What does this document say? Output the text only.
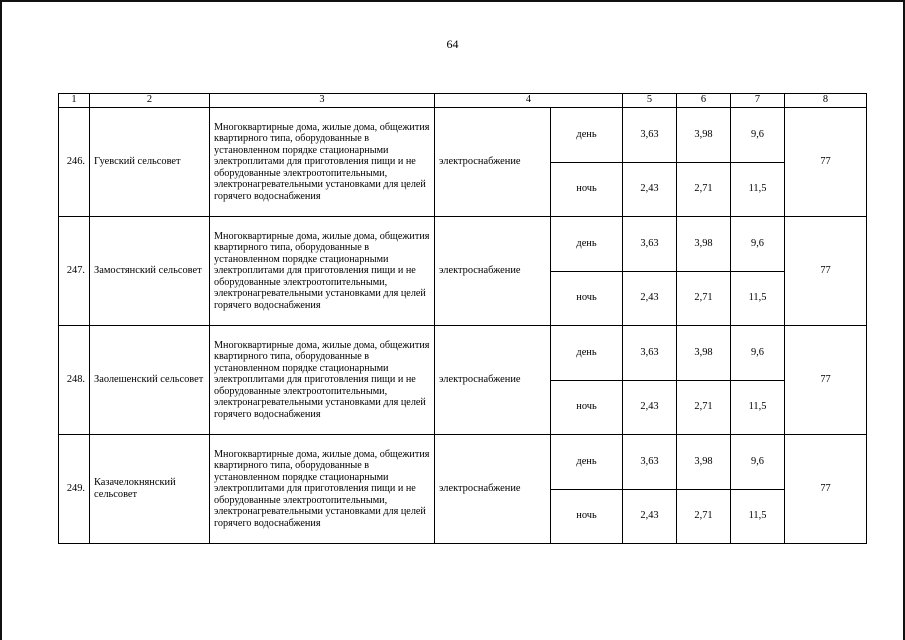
64
1	2	3	4		5	6	7	8
246.	Гуевский сельсовет	Многоквартирные дома, жилые дома, общежития квартирного типа, оборудованные в установленном порядке стационарными электроплитами для приготовления пищи и не оборудованные электроотопительными, электронагревательными установками для целей горячего водоснабжения	электроснабжение	день	3,63	3,98	9,6	77
				ночь	2,43	2,71	11,5	
247.	Замостянский сельсовет	Многоквартирные дома, жилые дома, общежития квартирного типа, оборудованные в установленном порядке стационарными электроплитами для приготовления пищи и не оборудованные электроотопительными, электронагревательными установками для целей горячего водоснабжения	электроснабжение	день	3,63	3,98	9,6	77
				ночь	2,43	2,71	11,5	
248.	Заолешенский сельсовет	Многоквартирные дома, жилые дома, общежития квартирного типа, оборудованные в установленном порядке стационарными электроплитами для приготовления пищи и не оборудованные электроотопительными, электронагревательными установками для целей горячего водоснабжения	электроснабжение	день	3,63	3,98	9,6	77
				ночь	2,43	2,71	11,5	
249.	Казачелокнянский сельсовет	Многоквартирные дома, жилые дома, общежития квартирного типа, оборудованные в установленном порядке стационарными электроплитами для приготовления пищи и не оборудованные электроотопительными, электронагревательными установками для целей горячего водоснабжения	электроснабжение	день	3,63	3,98	9,6	77
				ночь	2,43	2,71	11,5	
